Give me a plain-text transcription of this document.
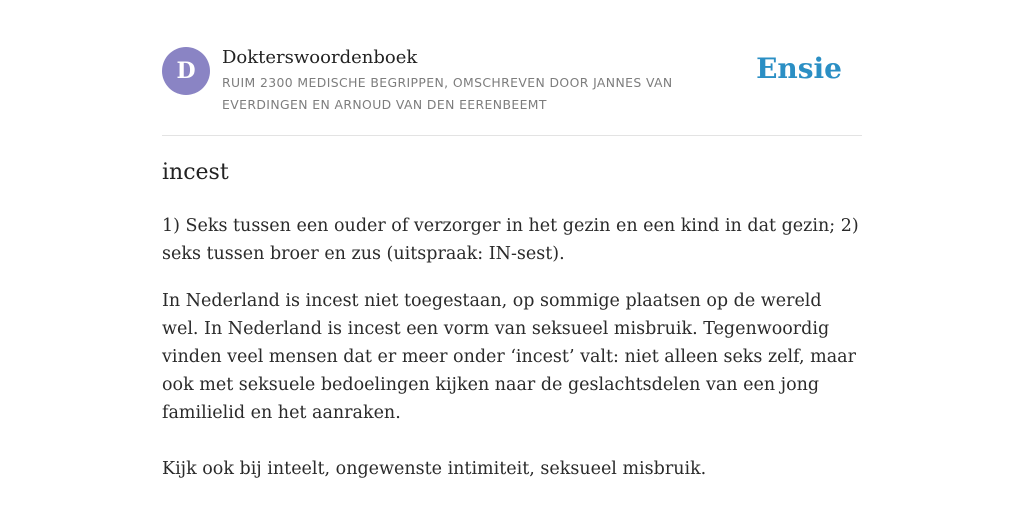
D
Dokterswoordenboek
RUIM 2300 MEDISCHE BEGRIPPEN, OMSCHREVEN DOOR JANNES VAN EVERDINGEN EN ARNOUD VAN DEN EERENBEEMT
Ensie
incest
1) Seks tussen een ouder of verzorger in het gezin en een kind in dat gezin; 2) seks tussen broer en zus (uitspraak: IN-sest).
In Nederland is incest niet toegestaan, op sommige plaatsen op de wereld wel. In Nederland is incest een vorm van seksueel misbruik. Tegenwoordig vinden veel mensen dat er meer onder ‘incest’ valt: niet alleen seks zelf, maar ook met seksuele bedoelingen kijken naar de geslachtsdelen van een jong familielid en het aanraken.
Kijk ook bij inteelt, ongewenste intimiteit, seksueel misbruik.
